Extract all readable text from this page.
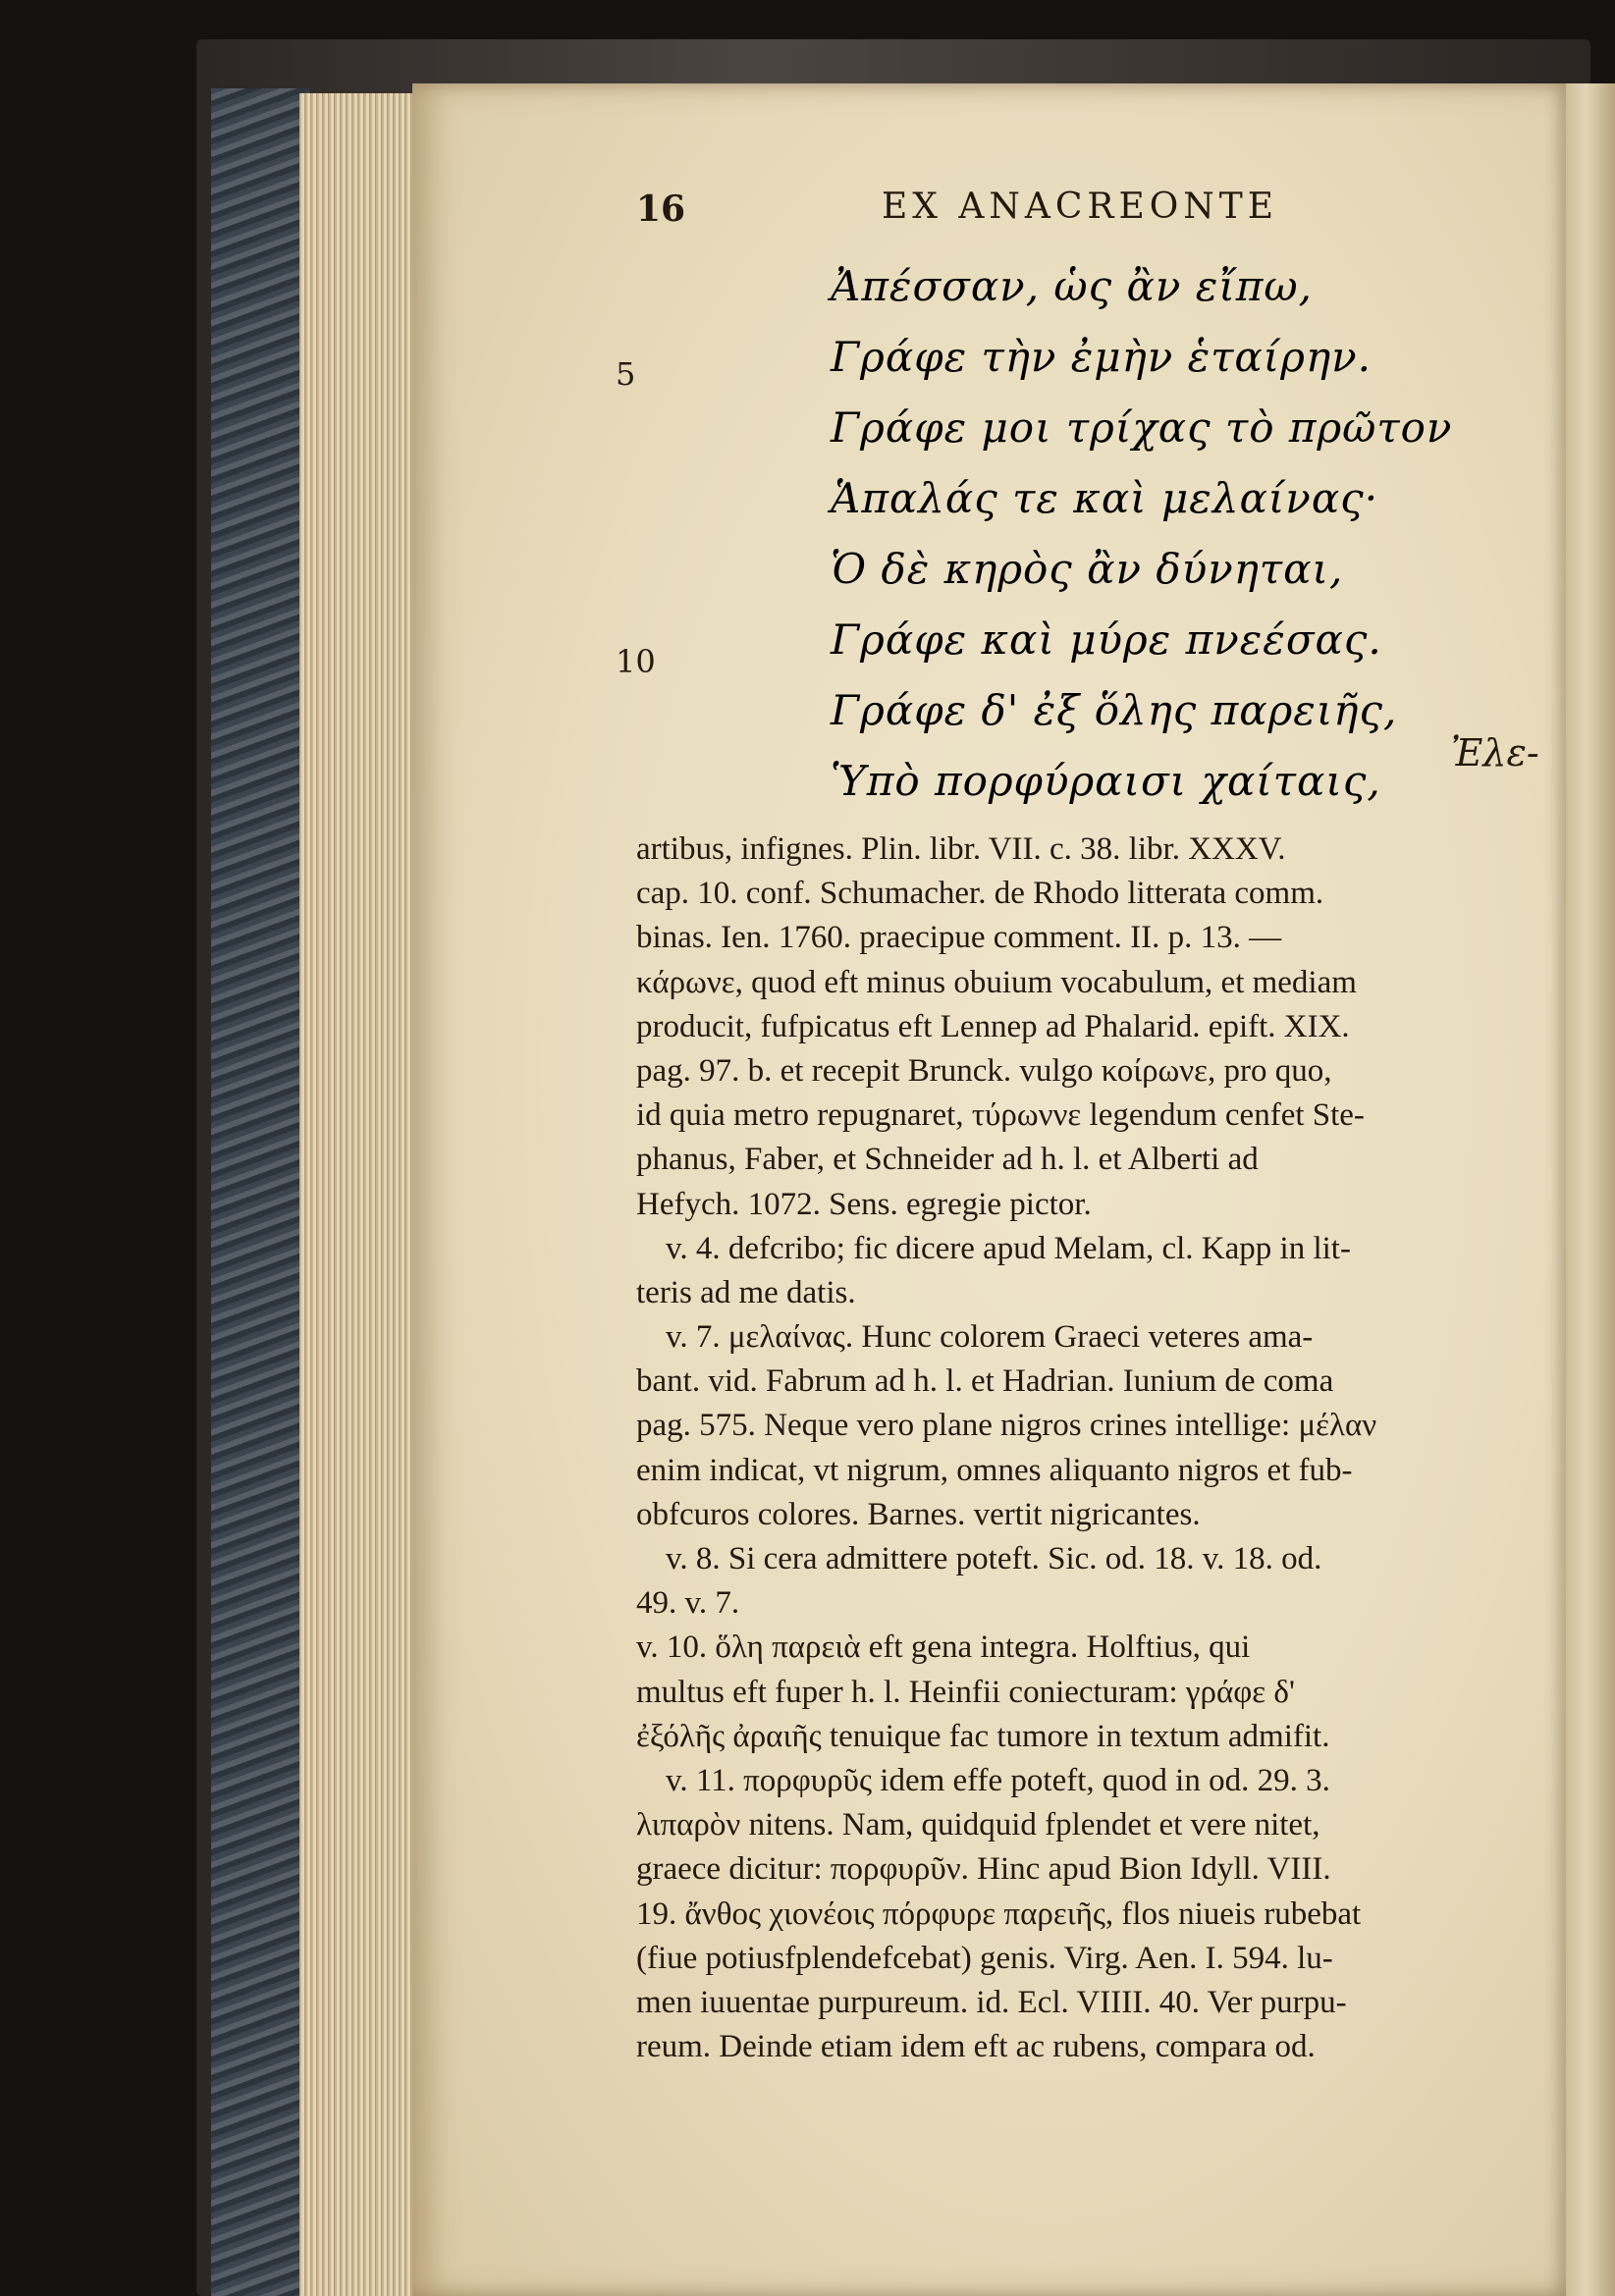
16	EX ANACREONTE
5
10
Ἀπέσσαν, ὡς ἂν εἴπω,
Γράφε τὴν ἐμὴν ἑταίρην.
Γράφε μοι τρίχας τὸ πρῶτον
Ἁπαλάς τε καὶ μελαίνας·
Ὁ δὲ κηρὸς ἂν δύνηται,
Γράφε καὶ μύρε πνεέσας.
Γράφε δ' ἐξ ὅλης παρειῆς,
Ὑπὸ πορφύραισι χαίταις,
Ἐλε-
artibus, infignes. Plin. libr. VII. c. 38. libr. XXXV.
cap. 10. conf. Schumacher. de Rhodo litterata comm.
binas. Ien. 1760. praecipue comment. II. p. 13. —
κάρωνε, quod eft minus obuium vocabulum, et mediam
producit, fufpicatus eft Lennep ad Phalarid. epift. XIX.
pag. 97. b. et recepit Brunck. vulgo κοίρωνε, pro quo,
id quia metro repugnaret, τύρωννε legendum cenfet Ste-
phanus, Faber, et Schneider ad h. l. et Alberti ad
Hefych. 1072. Sens. egregie pictor.
v. 4. defcribo; fic dicere apud Melam, cl. Kapp in lit-
teris ad me datis.
v. 7. μελαίνας. Hunc colorem Graeci veteres ama-
bant. vid. Fabrum ad h. l. et Hadrian. Iunium de coma
pag. 575. Neque vero plane nigros crines intellige: μέλαν
enim indicat, vt nigrum, omnes aliquanto nigros et fub-
obfcuros colores. Barnes. vertit nigricantes.
v. 8. Si cera admittere poteft. Sic. od. 18. v. 18. od.
49. v. 7.
v. 10. ὅλη παρειὰ eft gena integra. Holftius, qui
multus eft fuper h. l. Heinfii coniecturam: γράφε δ'
ἐξόλῆς ἀραιῆς tenuique fac tumore in textum admifit.
v. 11. πορφυρῦς idem effe poteft, quod in od. 29. 3.
λιπαρὸν nitens. Nam, quidquid fplendet et vere nitet,
graece dicitur: πορφυρῦν. Hinc apud Bion Idyll. VIII.
19. ἄνθος χιονέοις πόρφυρε παρειῆς, flos niueis rubebat
(fiue potiusfplendefcebat) genis. Virg. Aen. I. 594. lu-
men iuuentae purpureum. id. Ecl. VIIII. 40. Ver purpu-
reum. Deinde etiam idem eft ac rubens, compara od.
